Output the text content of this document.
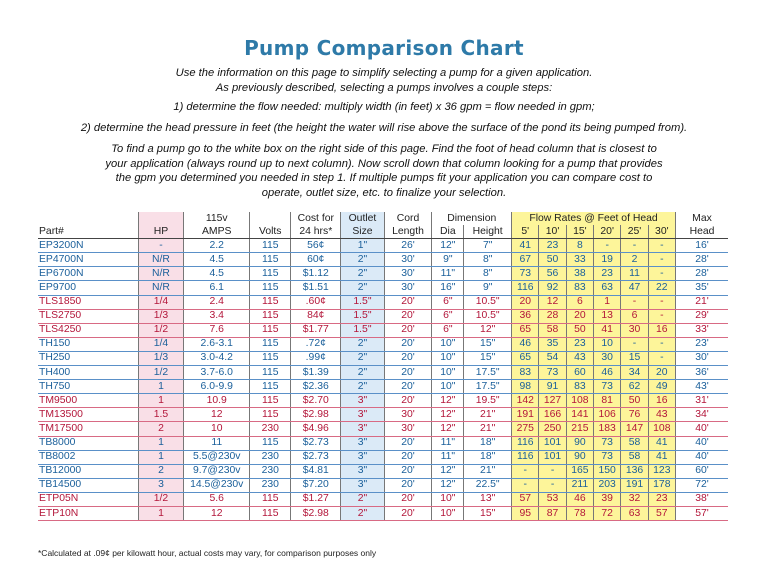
Pump Comparison Chart
Use the information on this page to simplify selecting a pump for a given application.
As previously described, selecting a pumps involves a couple steps:
1) determine the flow needed: multiply width (in feet) x 36 gpm = flow needed in gpm;
2) determine the head pressure in feet (the height the water will rise above the surface of the pond its being pumped from).
To find a pump go to the white box on the right side of this page. Find the foot of head column that is closest to
your application (always round up to next column). Now scroll down that column looking for a pump that provides
the gpm you determined you needed in step 1. If multiple pumps fit your application you can compare cost to
operate, outlet size, etc. to finalize your selection.
		115v		Cost for	Outlet	Cord	Dimension		Flow Rates @ Feet of Head						Max
Part#	HP	AMPS	Volts	24 hrs*	Size	Length	Dia	Height	5'	10'	15'	20'	25'	30'	Head
EP3200N	-	2.2	115	56¢	1"	26'	12"	7"	41	23	8	-	-	-	16'
EP4700N	N/R	4.5	115	60¢	2"	30'	9"	8"	67	50	33	19	2	-	28'
EP6700N	N/R	4.5	115	$1.12	2"	30'	11"	8"	73	56	38	23	11	-	28'
EP9700	N/R	6.1	115	$1.51	2"	30'	16"	9"	116	92	83	63	47	22	35'
TLS1850	1/4	2.4	115	.60¢	1.5"	20'	6"	10.5"	20	12	6	1	-	-	21'
TLS2750	1/3	3.4	115	84¢	1.5"	20'	6"	10.5"	36	28	20	13	6	-	29'
TLS4250	1/2	7.6	115	$1.77	1.5"	20'	6"	12"	65	58	50	41	30	16	33'
TH150	1/4	2.6-3.1	115	.72¢	2"	20'	10"	15"	46	35	23	10	-	-	23'
TH250	1/3	3.0-4.2	115	.99¢	2"	20'	10"	15"	65	54	43	30	15	-	30'
TH400	1/2	3.7-6.0	115	$1.39	2"	20'	10"	17.5"	83	73	60	46	34	20	36'
TH750	1	6.0-9.9	115	$2.36	2"	20'	10"	17.5"	98	91	83	73	62	49	43'
TM9500	1	10.9	115	$2.70	3"	20'	12"	19.5"	142	127	108	81	50	16	31'
TM13500	1.5	12	115	$2.98	3"	30'	12"	21"	191	166	141	106	76	43	34'
TM17500	2	10	230	$4.96	3"	30'	12"	21"	275	250	215	183	147	108	40'
TB8000	1	11	115	$2.73	3"	20'	11"	18"	116	101	90	73	58	41	40'
TB8002	1	5.5@230v	230	$2.73	3"	20'	11"	18"	116	101	90	73	58	41	40'
TB12000	2	9.7@230v	230	$4.81	3"	20'	12"	21"	-	-	165	150	136	123	60'
TB14500	3	14.5@230v	230	$7.20	3"	20'	12"	22.5"	-	-	211	203	191	178	72'
ETP05N	1/2	5.6	115	$1.27	2"	20'	10"	13"	57	53	46	39	32	23	38'
ETP10N	1	12	115	$2.98	2"	20'	10"	15"	95	87	78	72	63	57	57'
*Calculated at .09¢ per kilowatt hour, actual costs may vary, for comparison purposes only
